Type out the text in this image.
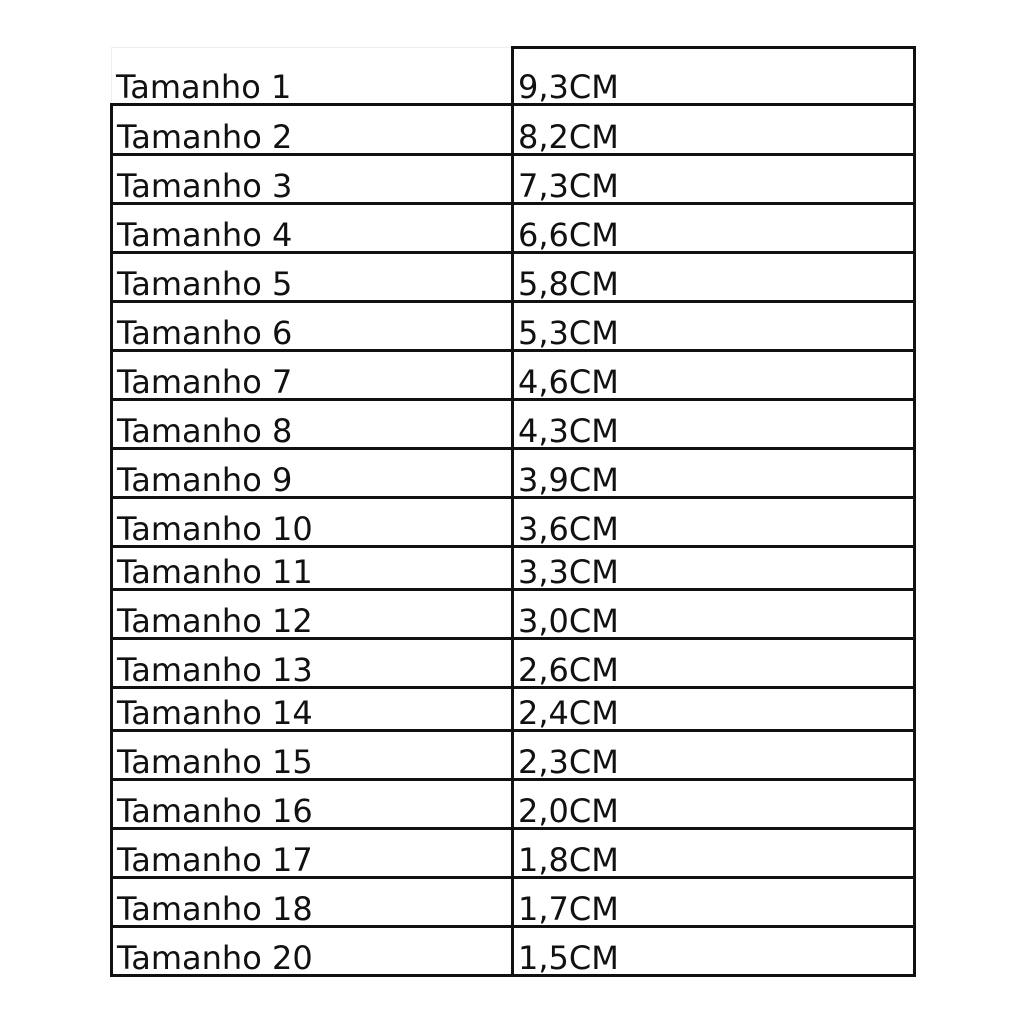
Tamanho 1	9,3CM
Tamanho 2	8,2CM
Tamanho 3	7,3CM
Tamanho 4	6,6CM
Tamanho 5	5,8CM
Tamanho 6	5,3CM
Tamanho 7	4,6CM
Tamanho 8	4,3CM
Tamanho 9	3,9CM
Tamanho 10	3,6CM
Tamanho 11	3,3CM
Tamanho 12	3,0CM
Tamanho 13	2,6CM
Tamanho 14	2,4CM
Tamanho 15	2,3CM
Tamanho 16	2,0CM
Tamanho 17	1,8CM
Tamanho 18	1,7CM
Tamanho 20	1,5CM
